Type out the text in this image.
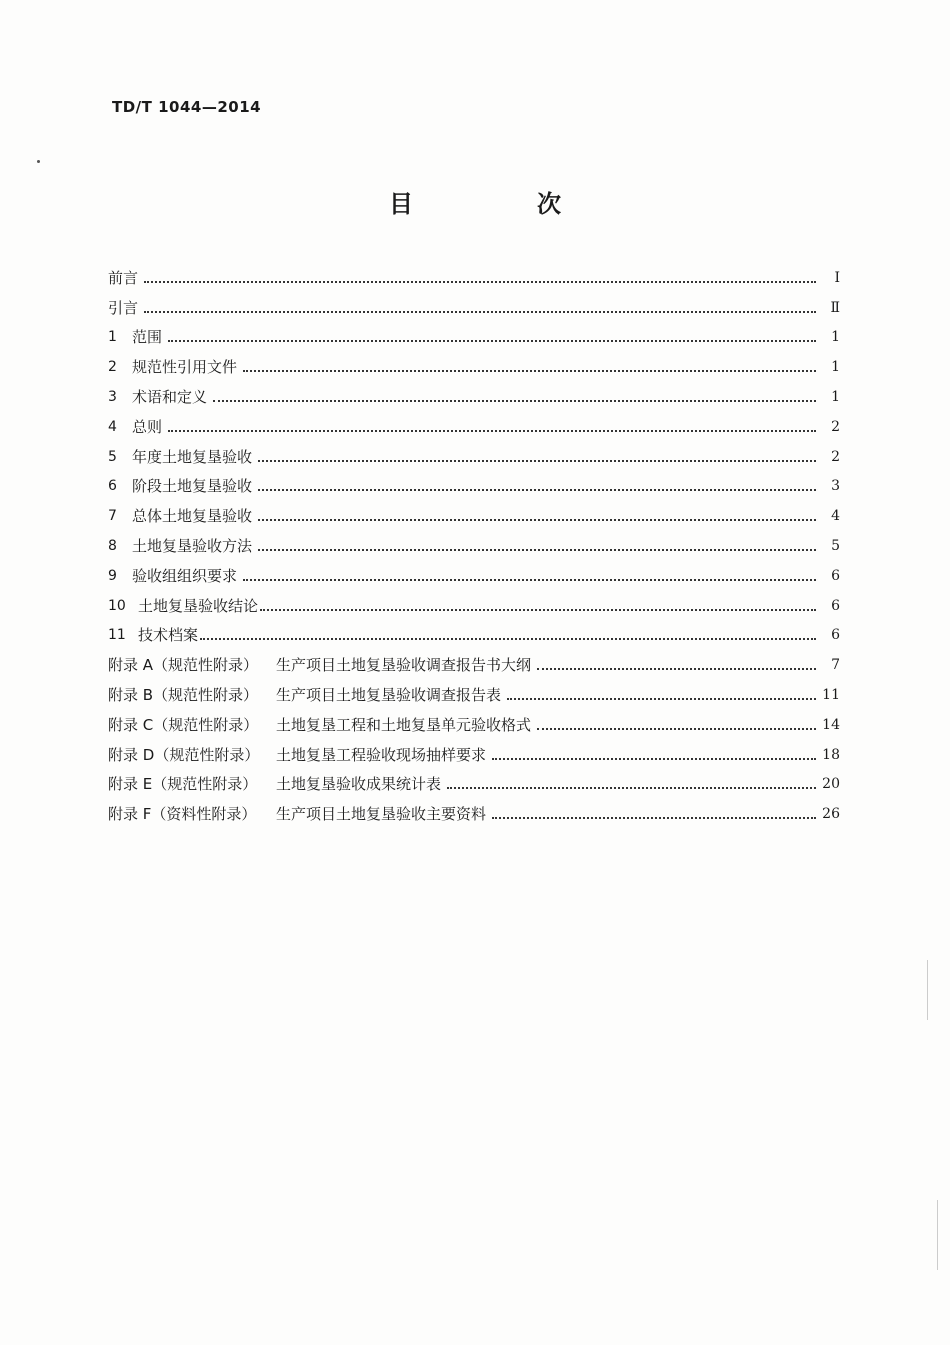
TD/T 1044—2014
目　次
前言	Ⅰ
引言	Ⅱ
1	范围	1
2	规范性引用文件	1
3	术语和定义	1
4	总则	2
5	年度土地复垦验收	2
6	阶段土地复垦验收	3
7	总体土地复垦验收	4
8	土地复垦验收方法	5
9	验收组组织要求	6
10 土地复垦验收结论	6
11 技术档案	6
附录 A（规范性附录）	生产项目土地复垦验收调查报告书大纲	7
附录 B（规范性附录）	生产项目土地复垦验收调查报告表	11
附录 C（规范性附录）	土地复垦工程和土地复垦单元验收格式	14
附录 D（规范性附录）	土地复垦工程验收现场抽样要求	18
附录 E（规范性附录）	土地复垦验收成果统计表	20
附录 F（资料性附录）	生产项目土地复垦验收主要资料	26
